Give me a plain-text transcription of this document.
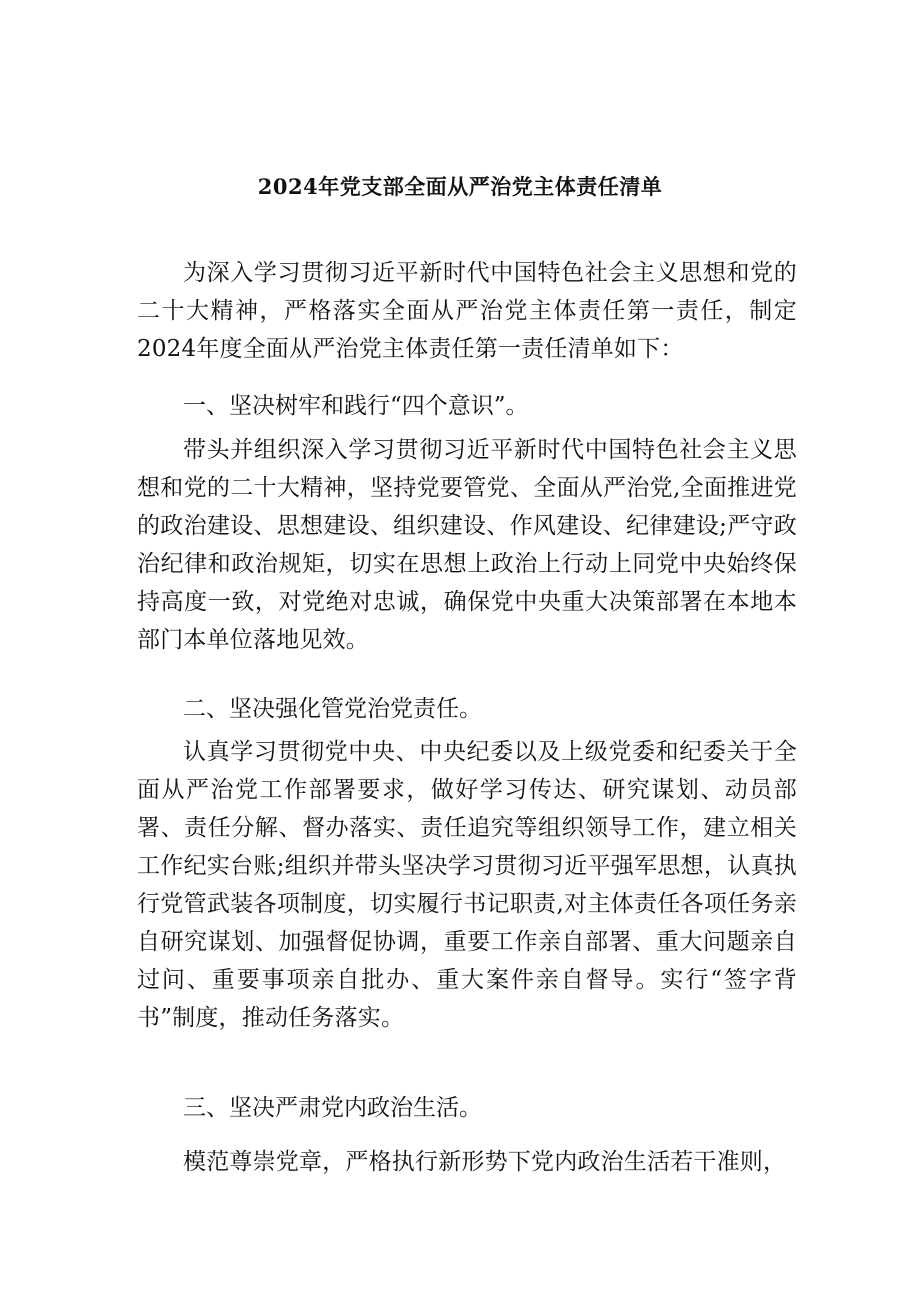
2024年党支部全面从严治党主体责任清单

为深入学习贯彻习近平新时代中国特色社会主义思想和党的二十大精神，严格落实全面从严治党主体责任第一责任，制定2024年度全面从严治党主体责任第一责任清单如下：

一、坚决树牢和践行“四个意识”。

带头并组织深入学习贯彻习近平新时代中国特色社会主义思想和党的二十大精神，坚持党要管党、全面从严治党,全面推进党的政治建设、思想建设、组织建设、作风建设、纪律建设;严守政治纪律和政治规矩，切实在思想上政治上行动上同党中央始终保持高度一致，对党绝对忠诚，确保党中央重大决策部署在本地本部门本单位落地见效。

二、坚决强化管党治党责任。

认真学习贯彻党中央、中央纪委以及上级党委和纪委关于全面从严治党工作部署要求，做好学习传达、研究谋划、动员部署、责任分解、督办落实、责任追究等组织领导工作，建立相关工作纪实台账;组织并带头坚决学习贯彻习近平强军思想，认真执行党管武装各项制度，切实履行书记职责,对主体责任各项任务亲自研究谋划、加强督促协调，重要工作亲自部署、重大问题亲自过问、重要事项亲自批办、重大案件亲自督导。实行“签字背书”制度，推动任务落实。

三、坚决严肃党内政治生活。

模范尊崇党章，严格执行新形势下党内政治生活若干准则，
